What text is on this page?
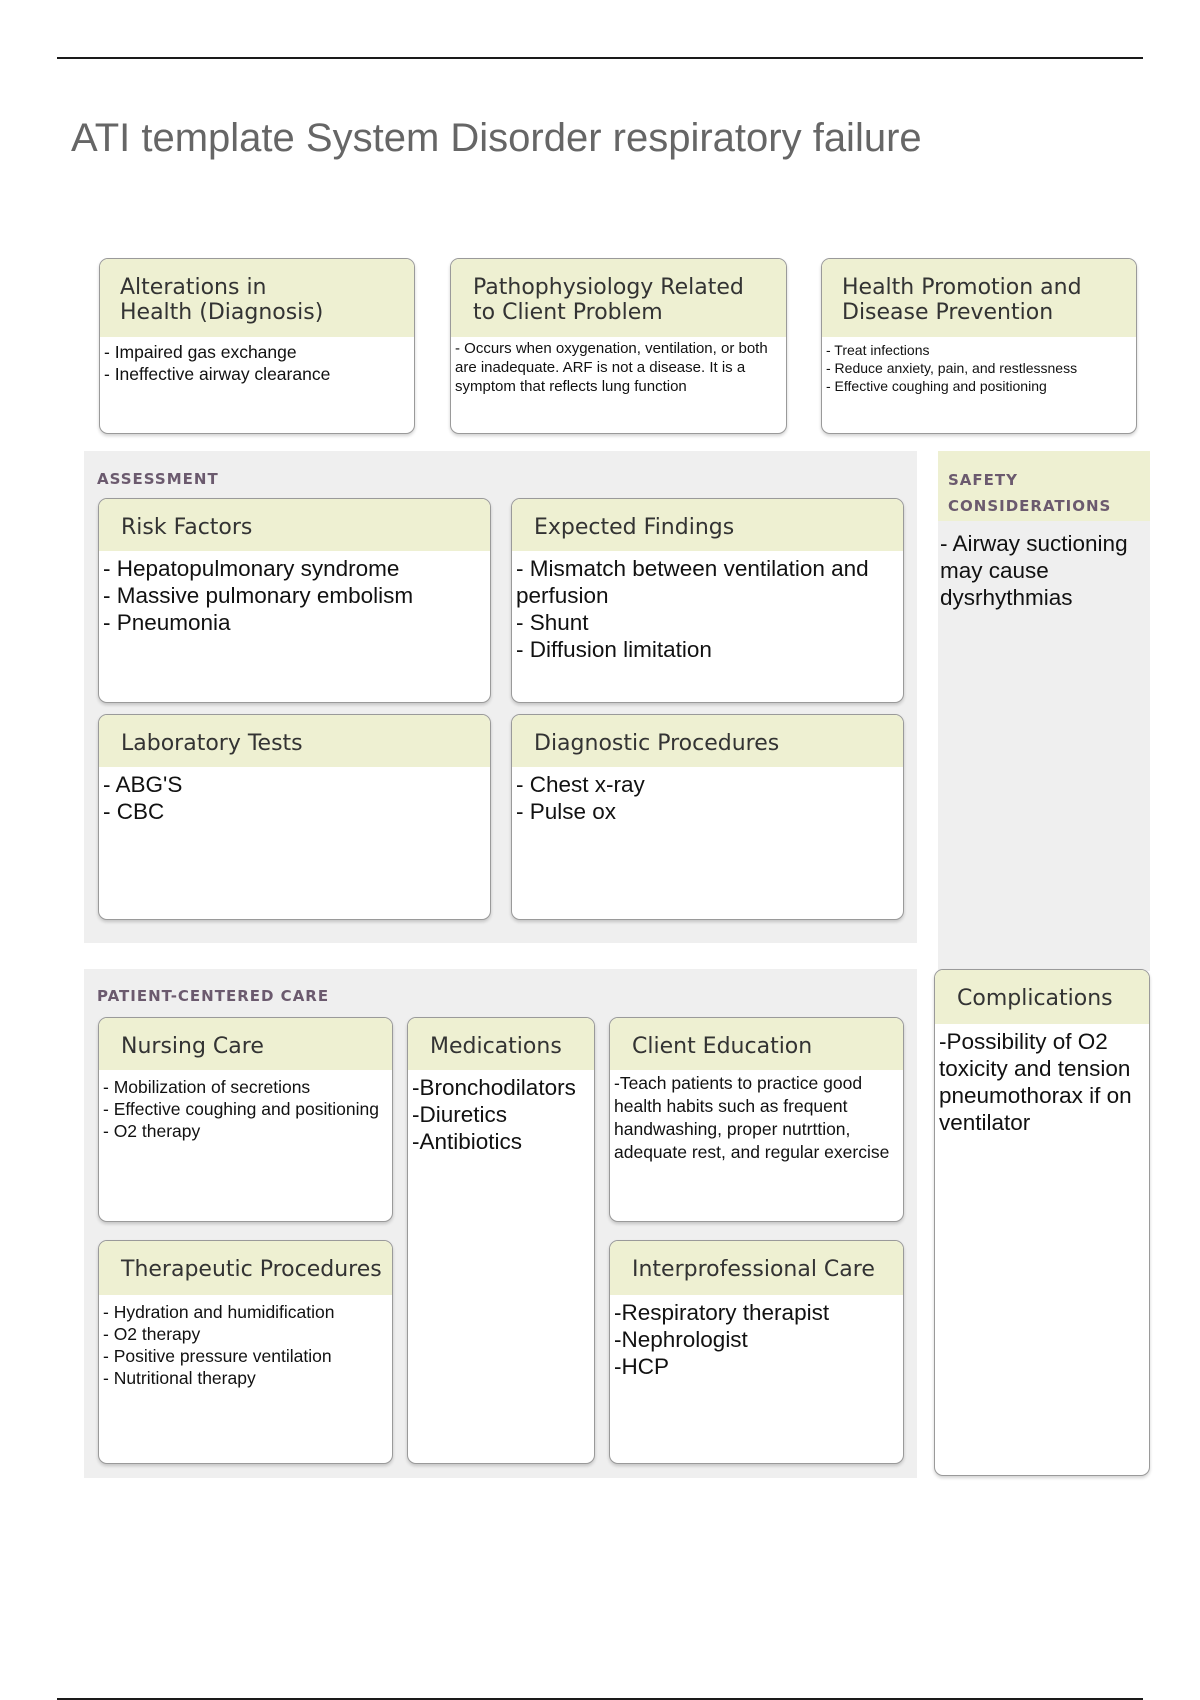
ATI template System Disorder respiratory failure
Alterations in
Health (Diagnosis)
- Impaired gas exchange
- Ineffective airway clearance
Pathophysiology Related
to Client Problem
- Occurs when oxygenation, ventilation, or both are inadequate. ARF is not a disease. It is a symptom that reflects lung function
Health Promotion and
Disease Prevention
- Treat infections
- Reduce anxiety, pain, and restlessness
- Effective coughing and positioning
ASSESSMENT
Risk Factors
- Hepatopulmonary syndrome
- Massive pulmonary embolism
- Pneumonia
Expected Findings
- Mismatch between ventilation and perfusion
- Shunt
- Diffusion limitation
Laboratory Tests
- ABG'S
- CBC
Diagnostic Procedures
- Chest x-ray
- Pulse ox
SAFETY
CONSIDERATIONS
- Airway suctioning may cause dysrhythmias
PATIENT-CENTERED CARE
Nursing Care
- Mobilization of secretions
- Effective coughing and positioning
- O2 therapy
Medications
-Bronchodilators
-Diuretics
-Antibiotics
Client Education
-Teach patients to practice good health habits such as frequent handwashing, proper nutrttion, adequate rest, and regular exercise
Therapeutic Procedures
- Hydration and humidification
- O2 therapy
- Positive pressure ventilation
- Nutritional therapy
Interprofessional Care
-Respiratory therapist
-Nephrologist
-HCP
Complications
-Possibility of O2 toxicity and tension pneumothorax if on ventilator
